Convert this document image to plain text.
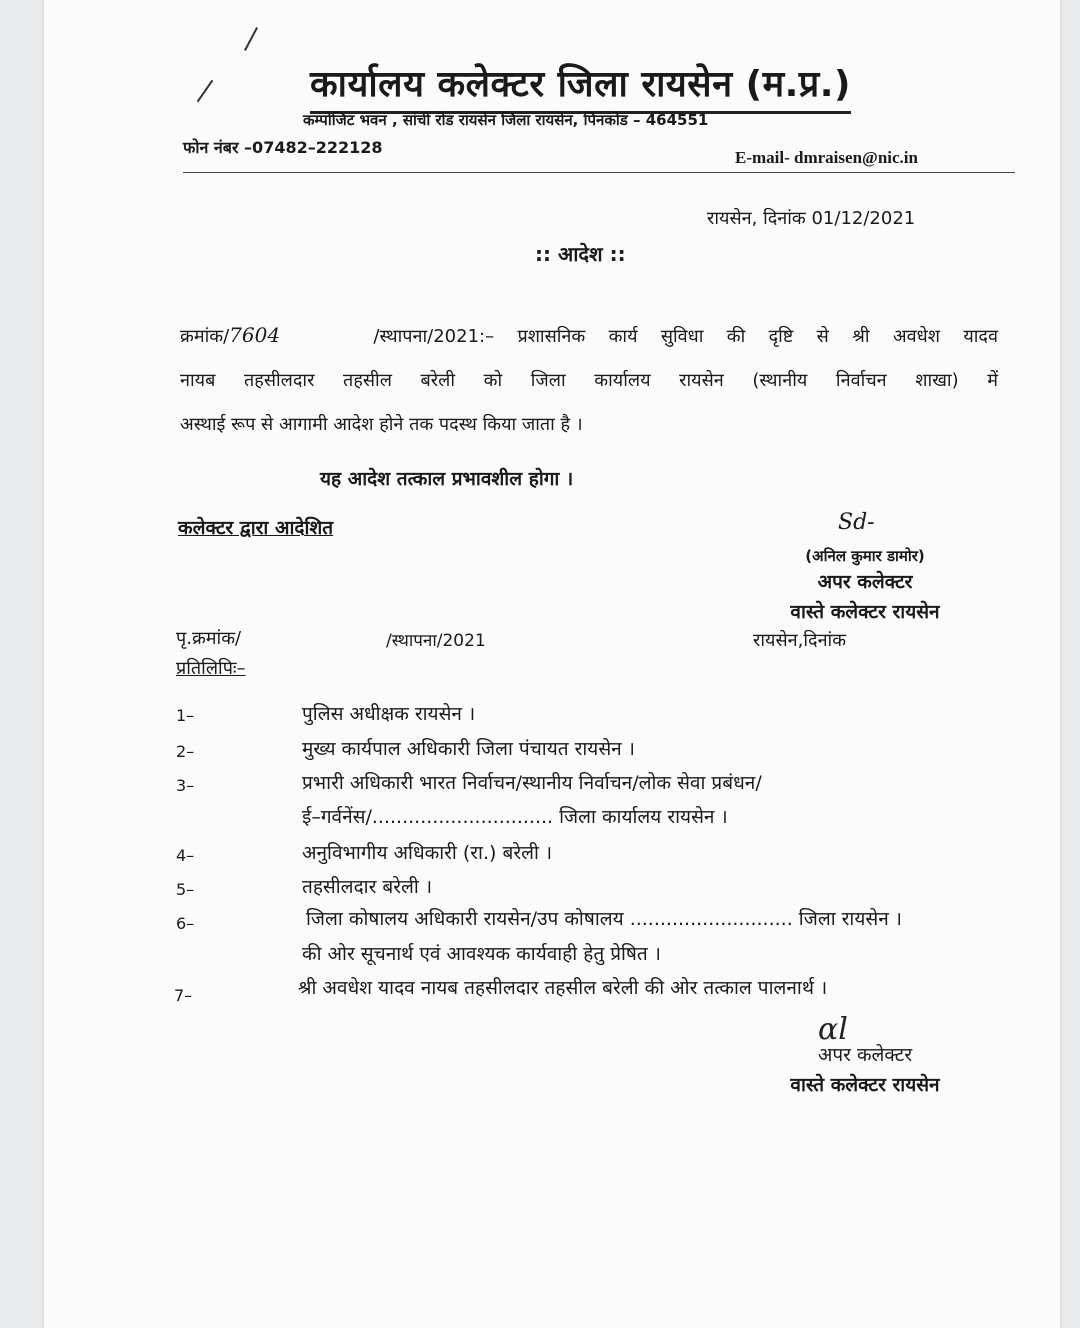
कार्यालय कलेक्टर जिला रायसेन (म.प्र.)
कम्पोजिट भवन , सांची रोड रायसेन जिला रायसेन, पिनकोड – 464551
फोन नंबर –07482–222128
E-mail- dmraisen@nic.in
रायसेन, दिनांक 01/12/2021
:: आदेश ::
क्रमांक/7604	/स्थापना/2021:– प्रशासनिक कार्य सुविधा की दृष्टि से श्री अवधेश यादव
नायब तहसीलदार तहसील बरेली को जिला कार्यालय रायसेन (स्थानीय निर्वाचन शाखा) में
अस्थाई रूप से आगामी आदेश होने तक पदस्थ किया जाता है ।
यह आदेश तत्काल प्रभावशील होगा ।
कलेक्टर द्वारा आदेशित	Sd-
(अनिल कुमार डामोर)
अपर कलेक्टर
वास्ते कलेक्टर रायसेन
पृ.क्रमांक/	/स्थापना/2021	रायसेन,दिनांक
प्रतिलिपिः–
1–	पुलिस अधीक्षक रायसेन ।
2–	मुख्य कार्यपाल अधिकारी जिला पंचायत रायसेन ।
3–	प्रभारी अधिकारी भारत निर्वाचन/स्थानीय निर्वाचन/लोक सेवा प्रबंधन/
ई–गर्वनेंस/.............................. जिला कार्यालय रायसेन ।
4–	अनुविभागीय अधिकारी (रा.) बरेली ।
5–	तहसीलदार बरेली ।
6–	जिला कोषालय अधिकारी रायसेन/उप कोषालय ........................... जिला रायसेन ।
की ओर सूचनार्थ एवं आवश्यक कार्यवाही हेतु प्रेषित ।
7–	श्री अवधेश यादव नायब तहसीलदार तहसील बरेली की ओर तत्काल पालनार्थ ।
ɑl
अपर कलेक्टर
वास्ते कलेक्टर रायसेन
